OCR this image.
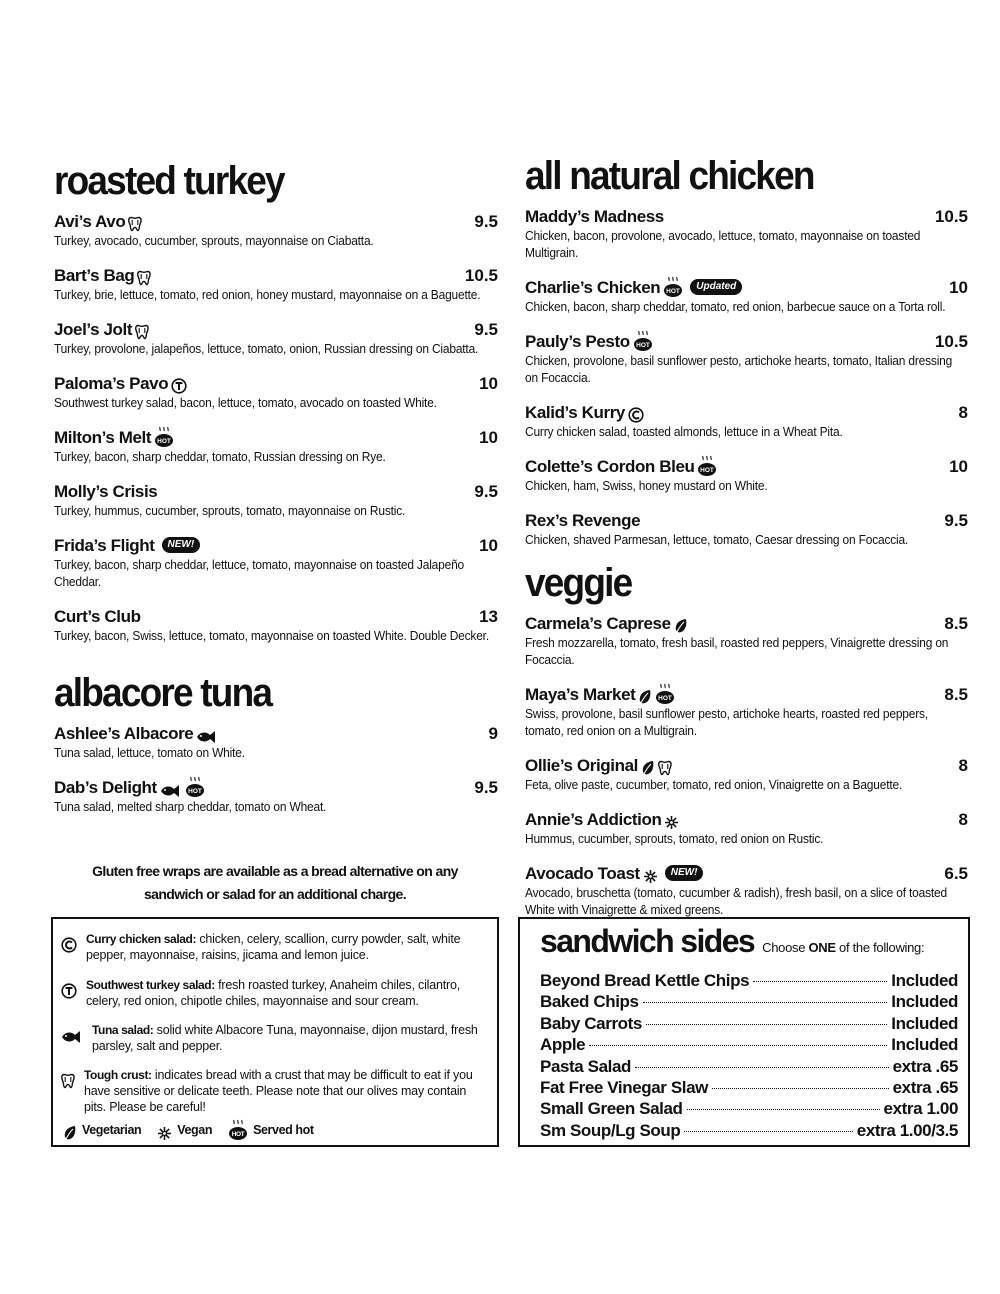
roasted turkey
Avi’s Avo	9.5
Turkey, avocado, cucumber, sprouts, mayonnaise on Ciabatta.
Bart’s Bag	10.5
Turkey, brie, lettuce, tomato, red onion, honey mustard, mayonnaise on a Baguette.
Joel’s Jolt	9.5
Turkey, provolone, jalapeños, lettuce, tomato, onion, Russian dressing on Ciabatta.
Paloma’s Pavo	10
Southwest turkey salad, bacon, lettuce, tomato, avocado on toasted White.
Milton’s Melt HOT	10
Turkey, bacon, sharp cheddar, tomato, Russian dressing on Rye.
Molly’s Crisis	9.5
Turkey, hummus, cucumber, sprouts, tomato, mayonnaise on Rustic.
Frida’s Flight	NEW!	10
Turkey, bacon, sharp cheddar, lettuce, tomato, mayonnaise on toasted Jalapeño Cheddar.
Curt’s Club	13
Turkey, bacon, Swiss, lettuce, tomato, mayonnaise on toasted White. Double Decker.
albacore tuna
Ashlee’s Albacore	9
Tuna salad, lettuce, tomato on White.
Dab’s Delight	HOT	9.5
Tuna salad, melted sharp cheddar, tomato on Wheat.
all natural chicken
Maddy’s Madness	10.5
Chicken, bacon, provolone, avocado, lettuce, tomato, mayonnaise on toasted Multigrain.
Charlie’s Chicken HOT	Updated	10
Chicken, bacon, sharp cheddar, tomato, red onion, barbecue sauce on a Torta roll.
Pauly’s Pesto HOT	10.5
Chicken, provolone, basil sunflower pesto, artichoke hearts, tomato, Italian dressing on Focaccia.
Kalid’s Kurry	8
Curry chicken salad, toasted almonds, lettuce in a Wheat Pita.
Colette’s Cordon Bleu HOT	10
Chicken, ham, Swiss, honey mustard on White.
Rex’s Revenge	9.5
Chicken, shaved Parmesan, lettuce, tomato, Caesar dressing on Focaccia.
veggie
Carmela’s Caprese	8.5
Fresh mozzarella, tomato, fresh basil, roasted red peppers, Vinaigrette dressing on Focaccia.
Maya’s Market	HOT	8.5
Swiss, provolone, basil sunflower pesto, artichoke hearts, roasted red peppers, tomato, red onion on a Multigrain.
Ollie’s Original	8
Feta, olive paste, cucumber, tomato, red onion, Vinaigrette on a Baguette.
Annie’s Addiction	8
Hummus, cucumber, sprouts, tomato, red onion on Rustic.
Avocado Toast	NEW!	6.5
Avocado, bruschetta (tomato, cucumber & radish), fresh basil, on a slice of toasted White with Vinaigrette & mixed greens.
Gluten free wraps are available as a bread alternative on any sandwich or salad for an additional charge.
Curry chicken salad: chicken, celery, scallion, curry powder, salt, white pepper, mayonnaise, raisins, jicama and lemon juice.
Southwest turkey salad: fresh roasted turkey, Anaheim chiles, cilantro, celery, red onion, chipotle chiles, mayonnaise and sour cream.
Tuna salad: solid white Albacore Tuna, mayonnaise, dijon mustard, fresh parsley, salt and pepper.
Tough crust: indicates bread with a crust that may be difficult to eat if you have sensitive or delicate teeth. Please note that our olives may contain pits. Please be careful!
Vegetarian	Vegan	HOT Served hot
sandwich sides Choose ONE of the following:
Beyond Bread Kettle Chips	Included
Baked Chips	Included
Baby Carrots	Included
Apple	Included
Pasta Salad	extra .65
Fat Free Vinegar Slaw	extra .65
Small Green Salad	extra 1.00
Sm Soup/Lg Soup	extra 1.00/3.5
